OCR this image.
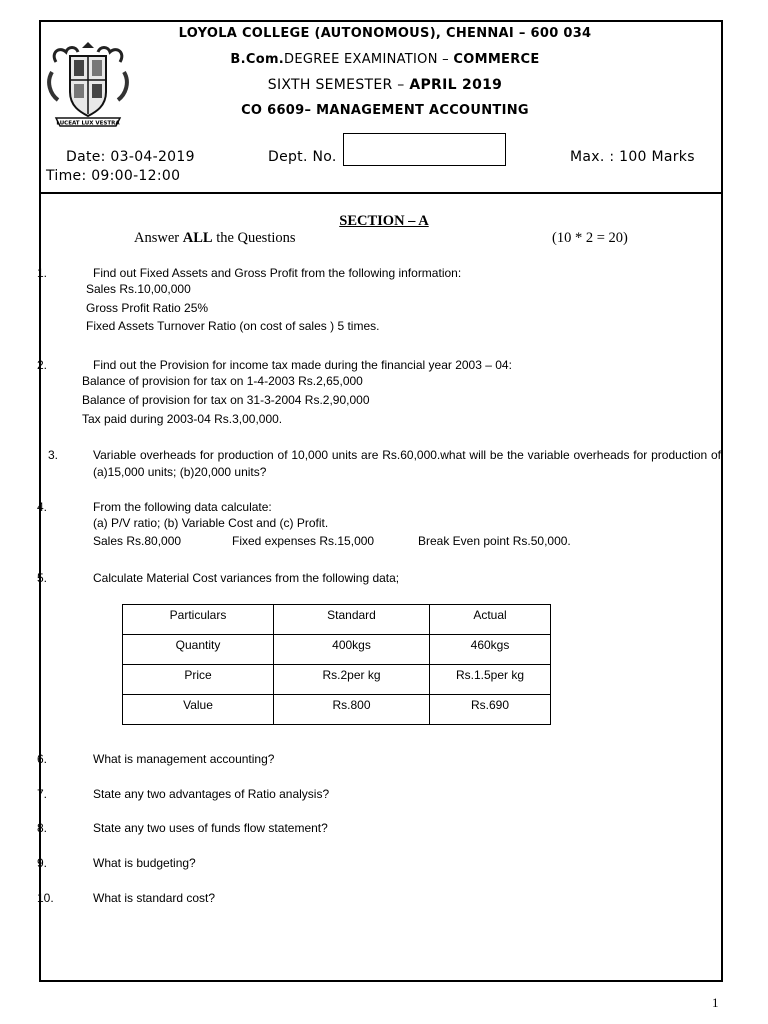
LUCEAT LUX VESTRA
LOYOLA COLLEGE (AUTONOMOUS), CHENNAI – 600 034
B.Com.DEGREE EXAMINATION – COMMERCE
SIXTH SEMESTER – APRIL 2019
CO 6609– MANAGEMENT ACCOUNTING
Date: 03-04-2019	Dept. No.	Max. : 100 Marks
Time: 09:00-12:00
SECTION – A
Answer ALL the Questions	(10 * 2 = 20)
1.	Find out Fixed Assets and Gross Profit from the following information:
Sales Rs.10,00,000
Gross Profit Ratio 25%
Fixed Assets Turnover Ratio (on cost of sales ) 5 times.
2.	Find out the Provision for income tax made during the financial year 2003 – 04:
Balance of provision for tax on 1-4-2003 Rs.2,65,000
Balance of provision for tax on 31-3-2004 Rs.2,90,000
Tax paid during 2003-04 Rs.3,00,000.
3.	Variable overheads for production of 10,000 units are Rs.60,000.what will be the variable overheads for production of (a)15,000 units; (b)20,000 units?
4.	From the following data calculate:
(a) P/V ratio; (b) Variable Cost and (c) Profit.
Sales Rs.80,000	Fixed expenses Rs.15,000	Break Even point Rs.50,000.
5.	Calculate Material Cost variances from the following data;
Particulars	Standard	Actual
Quantity	400kgs	460kgs
Price	Rs.2per kg	Rs.1.5per kg
Value	Rs.800	Rs.690
6.	What is management accounting?
7.	State any two advantages of Ratio analysis?
8.	State any two uses of funds flow statement?
9.	What is budgeting?
10.	What is standard cost?
1
